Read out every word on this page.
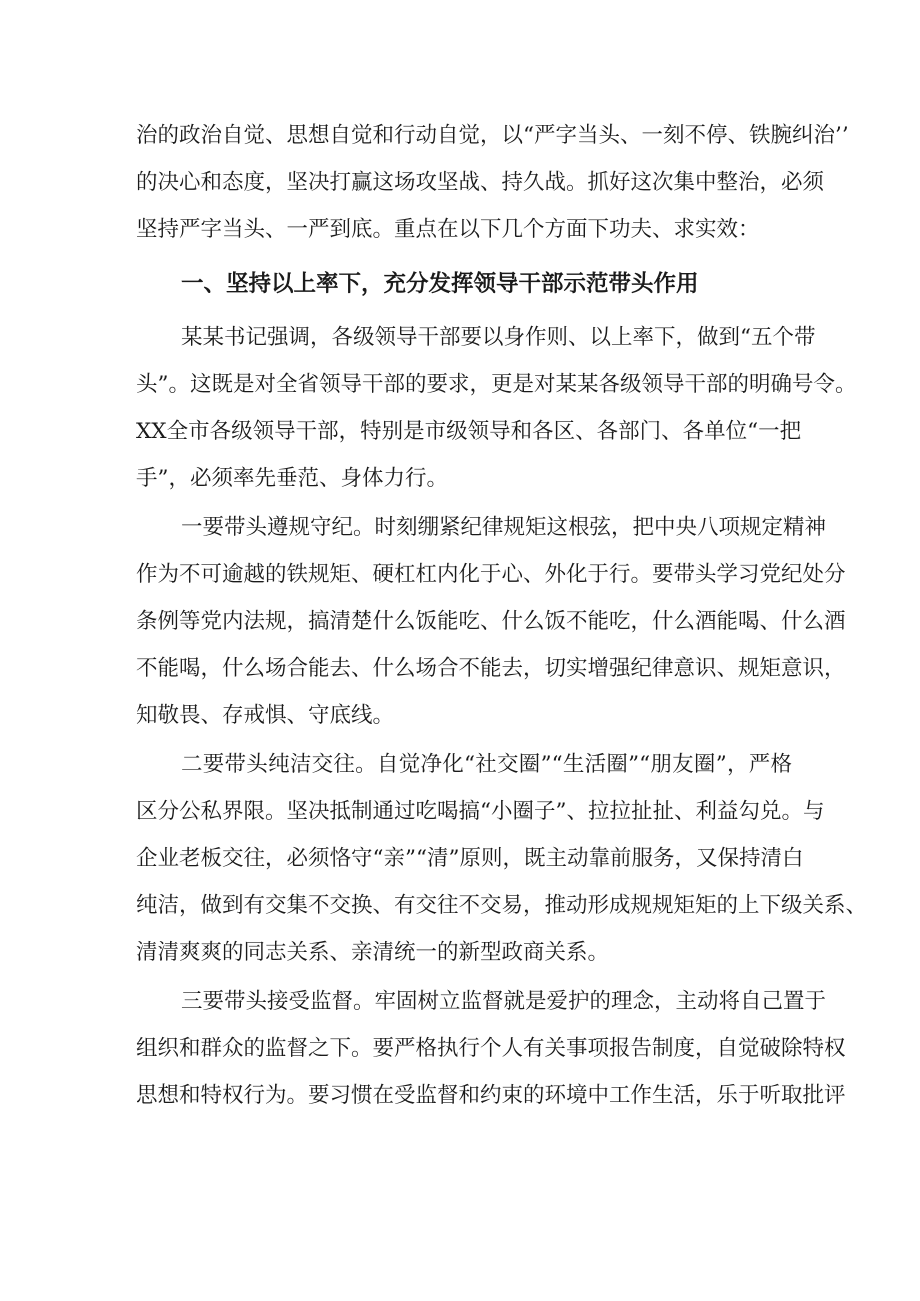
治的政治自觉、思想自觉和行动自觉，以“严字当头、一刻不停、铁腕纠治’’
的决心和态度，坚决打赢这场攻坚战、持久战。抓好这次集中整治，必须
坚持严字当头、一严到底。重点在以下几个方面下功夫、求实效：
一、坚持以上率下，充分发挥领导干部示范带头作用
某某书记强调，各级领导干部要以身作则、以上率下，做到“五个带
头”。这既是对全省领导干部的要求，更是对某某各级领导干部的明确号令。
XX全市各级领导干部，特别是市级领导和各区、各部门、各单位“一把
手”，必须率先垂范、身体力行。
一要带头遵规守纪。时刻绷紧纪律规矩这根弦，把中央八项规定精神
作为不可逾越的铁规矩、硬杠杠内化于心、外化于行。要带头学习党纪处分
条例等党内法规，搞清楚什么饭能吃、什么饭不能吃，什么酒能喝、什么酒
不能喝，什么场合能去、什么场合不能去，切实增强纪律意识、规矩意识，
知敬畏、存戒惧、守底线。
二要带头纯洁交往。自觉净化“社交圈”“生活圈”“朋友圈”，严格
区分公私界限。坚决抵制通过吃喝搞“小圈子”、拉拉扯扯、利益勾兑。与
企业老板交往，必须恪守“亲”“清”原则，既主动靠前服务，又保持清白
纯洁，做到有交集不交换、有交往不交易，推动形成规规矩矩的上下级关系、
清清爽爽的同志关系、亲清统一的新型政商关系。
三要带头接受监督。牢固树立监督就是爱护的理念，主动将自己置于
组织和群众的监督之下。要严格执行个人有关事项报告制度，自觉破除特权
思想和特权行为。要习惯在受监督和约束的环境中工作生活，乐于听取批评
